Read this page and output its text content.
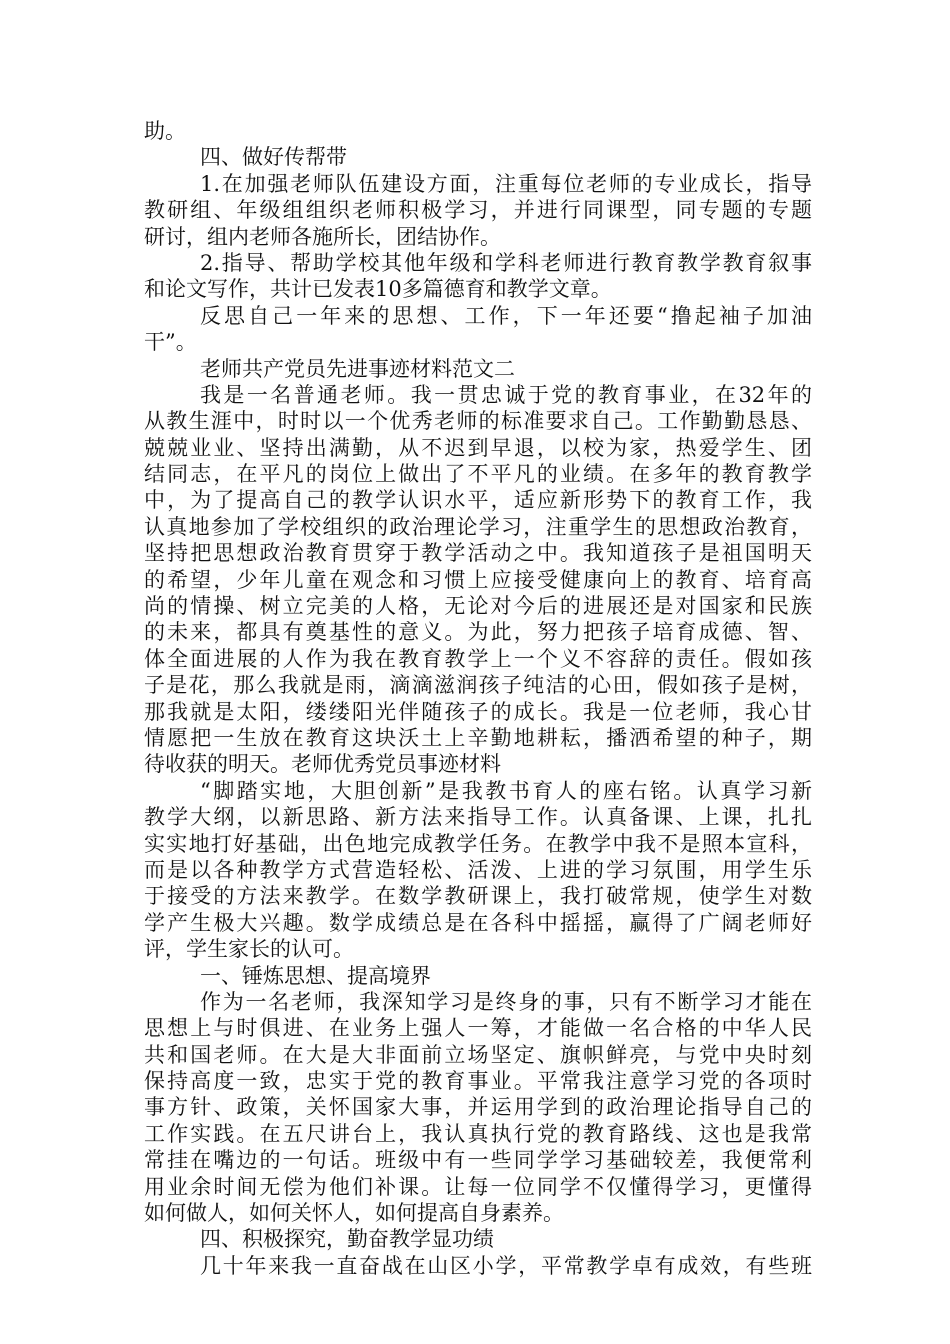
助。
四、做好传帮带
1.在加强老师队伍建设方面，注重每位老师的专业成长，指导
教研组、年级组组织老师积极学习，并进行同课型，同专题的专题
研讨，组内老师各施所长，团结协作。
2.指导、帮助学校其他年级和学科老师进行教育教学教育叙事
和论文写作，共计已发表10多篇德育和教学文章。
反思自己一年来的思想、工作，下一年还要“撸起袖子加油
干”。
老师共产党员先进事迹材料范文二
我是一名普通老师。我一贯忠诚于党的教育事业，在32年的
从教生涯中，时时以一个优秀老师的标准要求自己。工作勤勤恳恳、
兢兢业业、坚持出满勤，从不迟到早退，以校为家，热爱学生、团
结同志，在平凡的岗位上做出了不平凡的业绩。在多年的教育教学
中，为了提高自己的教学认识水平，适应新形势下的教育工作，我
认真地参加了学校组织的政治理论学习，注重学生的思想政治教育，
坚持把思想政治教育贯穿于教学活动之中。我知道孩子是祖国明天
的希望，少年儿童在观念和习惯上应接受健康向上的教育、培育高
尚的情操、树立完美的人格，无论对今后的进展还是对国家和民族
的未来，都具有奠基性的意义。为此，努力把孩子培育成德、智、
体全面进展的人作为我在教育教学上一个义不容辞的责任。假如孩
子是花，那么我就是雨，滴滴滋润孩子纯洁的心田，假如孩子是树，
那我就是太阳，缕缕阳光伴随孩子的成长。我是一位老师，我心甘
情愿把一生放在教育这块沃土上辛勤地耕耘，播洒希望的种子，期
待收获的明天。老师优秀党员事迹材料
“脚踏实地，大胆创新”是我教书育人的座右铭。认真学习新
教学大纲，以新思路、新方法来指导工作。认真备课、上课，扎扎
实实地打好基础，出色地完成教学任务。在教学中我不是照本宣科，
而是以各种教学方式营造轻松、活泼、上进的学习氛围，用学生乐
于接受的方法来教学。在数学教研课上，我打破常规，使学生对数
学产生极大兴趣。数学成绩总是在各科中摇摇，赢得了广阔老师好
评，学生家长的认可。
一、锤炼思想、提高境界
作为一名老师，我深知学习是终身的事，只有不断学习才能在
思想上与时俱进、在业务上强人一筹，才能做一名合格的中华人民
共和国老师。在大是大非面前立场坚定、旗帜鲜亮，与党中央时刻
保持高度一致，忠实于党的教育事业。平常我注意学习党的各项时
事方针、政策，关怀国家大事，并运用学到的政治理论指导自己的
工作实践。在五尺讲台上，我认真执行党的教育路线、这也是我常
常挂在嘴边的一句话。班级中有一些同学学习基础较差，我便常利
用业余时间无偿为他们补课。让每一位同学不仅懂得学习，更懂得
如何做人，如何关怀人，如何提高自身素养。
四、积极探究，勤奋教学显功绩
几十年来我一直奋战在山区小学，平常教学卓有成效，有些班
